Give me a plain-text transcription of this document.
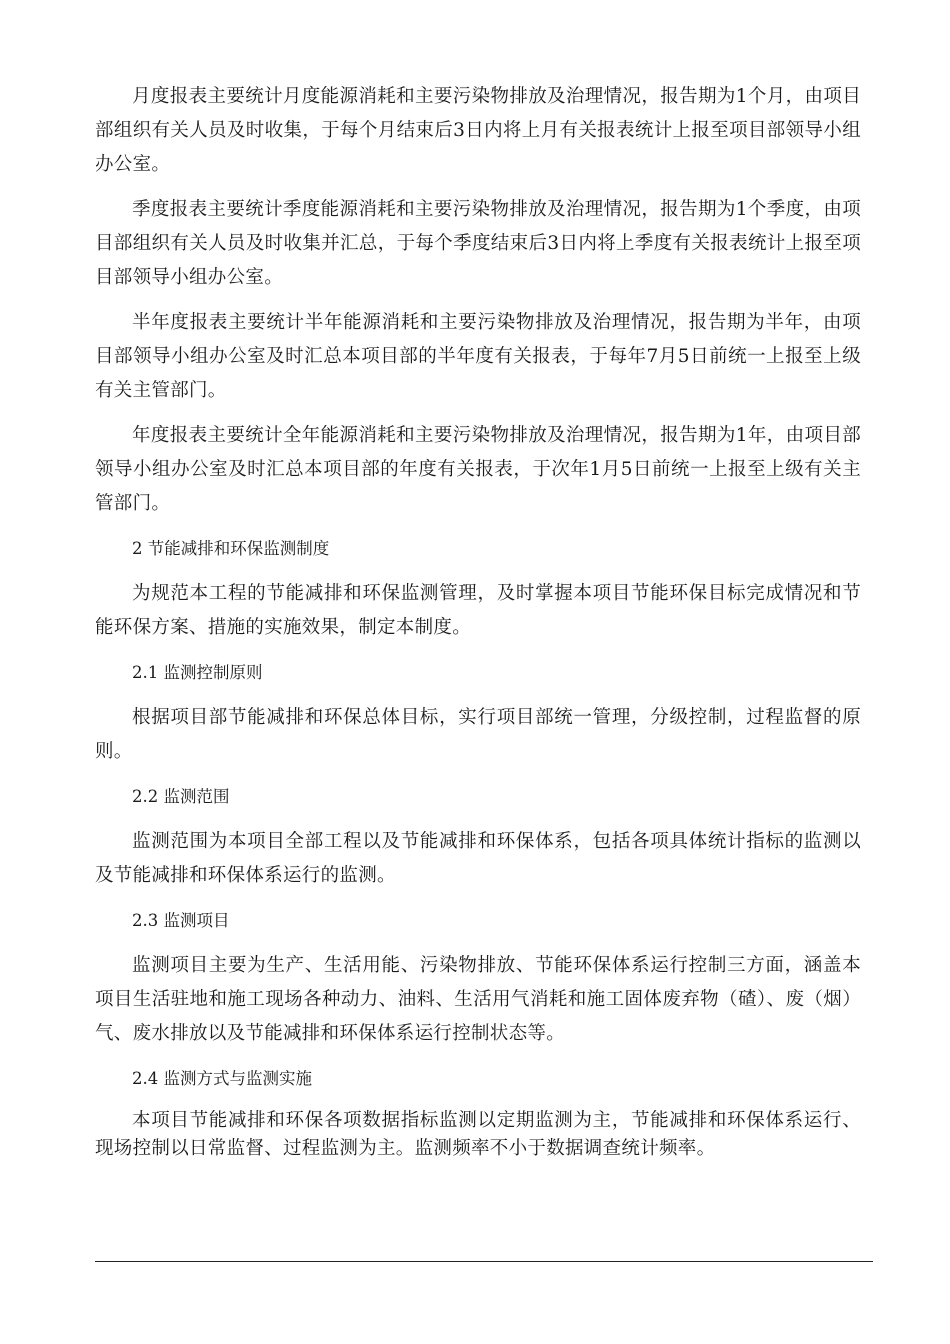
月度报表主要统计月度能源消耗和主要污染物排放及治理情况，报告期为1个月，由项目部组织有关人员及时收集，于每个月结束后3日内将上月有关报表统计上报至项目部领导小组办公室。

季度报表主要统计季度能源消耗和主要污染物排放及治理情况，报告期为1个季度，由项目部组织有关人员及时收集并汇总，于每个季度结束后3日内将上季度有关报表统计上报至项目部领导小组办公室。

半年度报表主要统计半年能源消耗和主要污染物排放及治理情况，报告期为半年，由项目部领导小组办公室及时汇总本项目部的半年度有关报表，于每年7月5日前统一上报至上级有关主管部门。

年度报表主要统计全年能源消耗和主要污染物排放及治理情况，报告期为1年，由项目部领导小组办公室及时汇总本项目部的年度有关报表，于次年1月5日前统一上报至上级有关主管部门。

2 节能减排和环保监测制度

为规范本工程的节能减排和环保监测管理，及时掌握本项目节能环保目标完成情况和节能环保方案、措施的实施效果，制定本制度。

2.1 监测控制原则

根据项目部节能减排和环保总体目标，实行项目部统一管理，分级控制，过程监督的原则。

2.2 监测范围

监测范围为本项目全部工程以及节能减排和环保体系，包括各项具体统计指标的监测以及节能减排和环保体系运行的监测。

2.3 监测项目

监测项目主要为生产、生活用能、污染物排放、节能环保体系运行控制三方面，涵盖本项目生活驻地和施工现场各种动力、油料、生活用气消耗和施工固体废弃物（碴）、废（烟）气、废水排放以及节能减排和环保体系运行控制状态等。

2.4 监测方式与监测实施

本项目节能减排和环保各项数据指标监测以定期监测为主，节能减排和环保体系运行、现场控制以日常监督、过程监测为主。监测频率不小于数据调查统计频率。
